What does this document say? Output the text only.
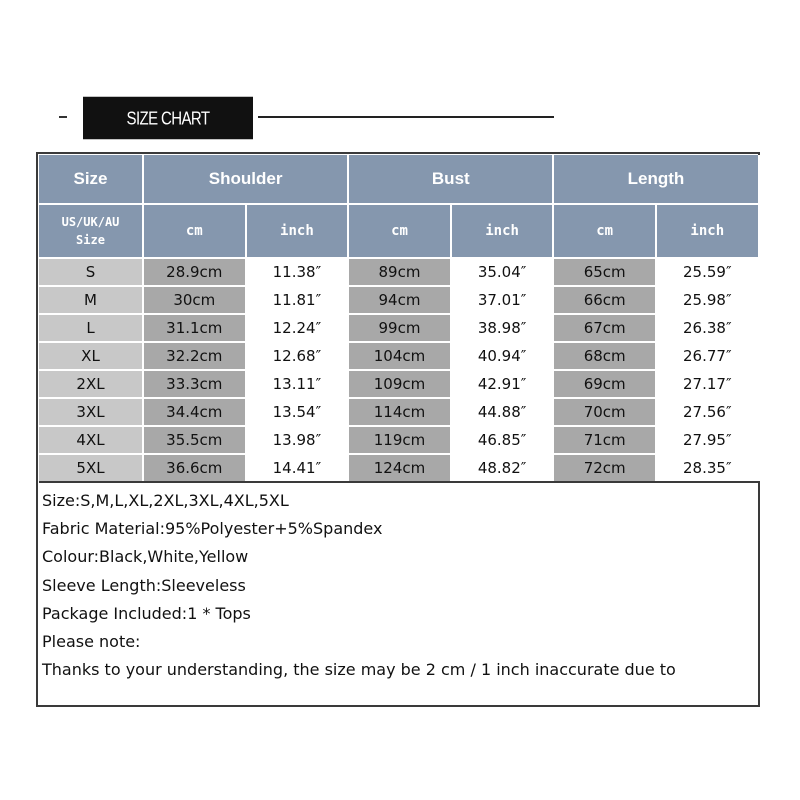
SIZE CHART
Size	Shoulder		Bust		Length	
US/UK/AU
Size	cm	inch	cm	inch	cm	inch
S	28.9cm	11.38″	89cm	35.04″	65cm	25.59″
M	30cm	11.81″	94cm	37.01″	66cm	25.98″
L	31.1cm	12.24″	99cm	38.98″	67cm	26.38″
XL	32.2cm	12.68″	104cm	40.94″	68cm	26.77″
2XL	33.3cm	13.11″	109cm	42.91″	69cm	27.17″
3XL	34.4cm	13.54″	114cm	44.88″	70cm	27.56″
4XL	35.5cm	13.98″	119cm	46.85″	71cm	27.95″
5XL	36.6cm	14.41″	124cm	48.82″	72cm	28.35″
Size:S,M,L,XL,2XL,3XL,4XL,5XL
Fabric Material:95%Polyester+5%Spandex
Colour:Black,White,Yellow
Sleeve Length:Sleeveless
Package Included:1 * Tops
Please note:
Thanks to your understanding, the size may be 2 cm / 1 inch inaccurate due to
